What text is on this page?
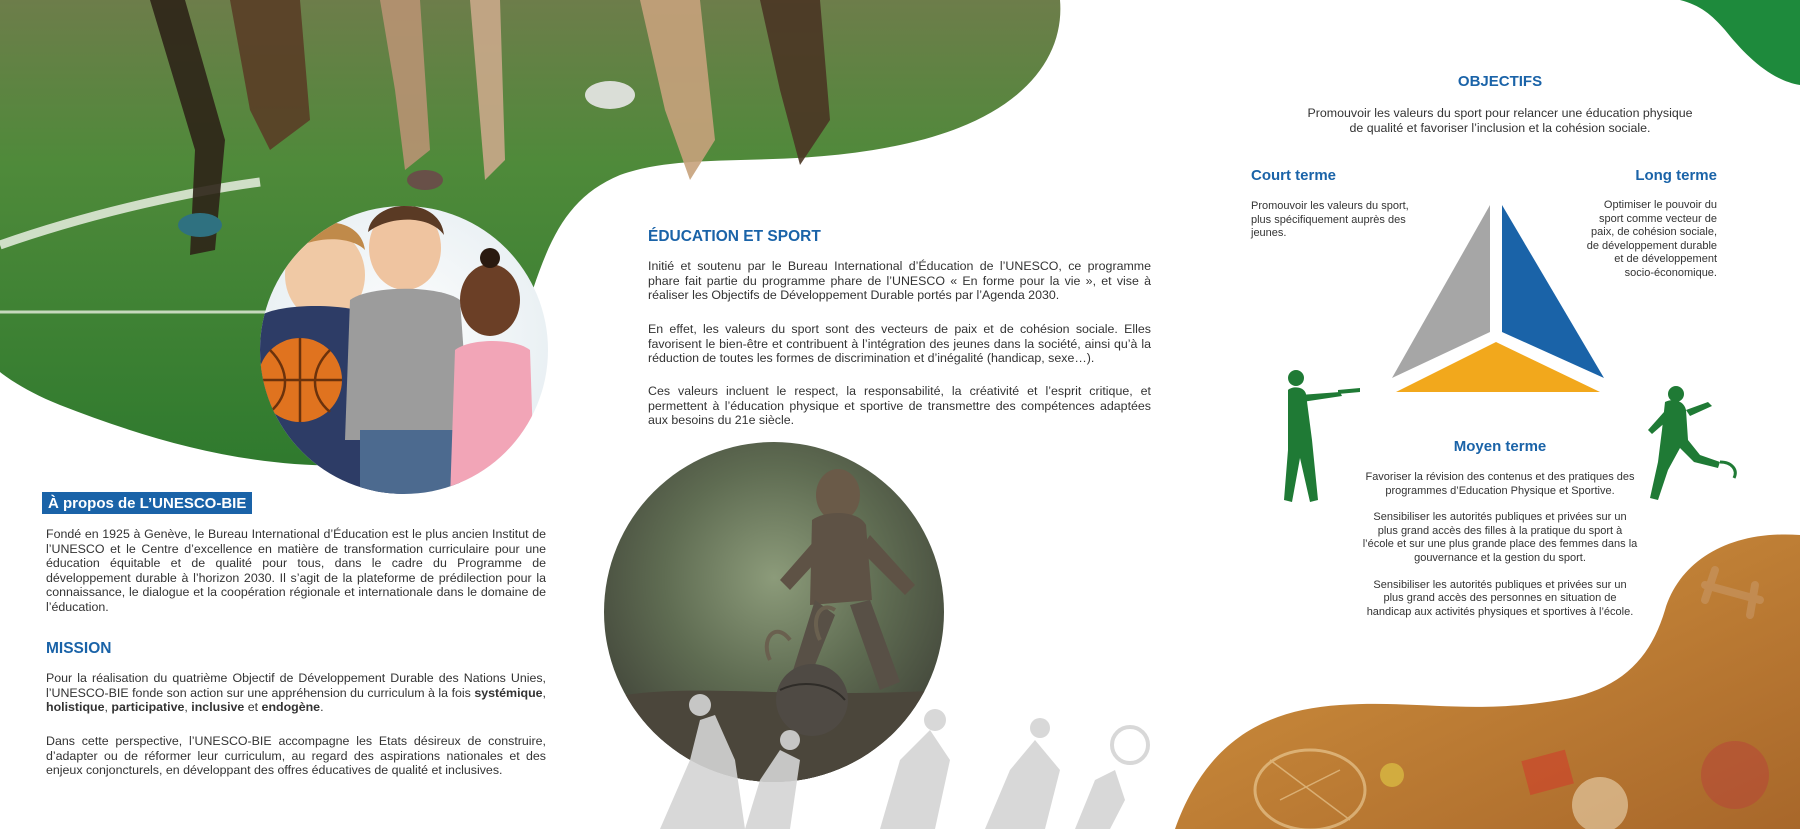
À propos de L’UNESCO-BIE

Fondé en 1925 à Genève, le Bureau International d’Éducation est le plus ancien Institut de l’UNESCO et le Centre d’excellence en matière de transformation curriculaire pour une éducation équitable et de qualité pour tous, dans le cadre du Programme de développement durable à l’horizon 2030. Il s’agit de la plateforme de prédilection pour la connaissance, le dialogue et la coopération régionale et internationale dans le domaine de l’éducation.

MISSION

Pour la réalisation du quatrième Objectif de Développement Durable des Nations Unies, l’UNESCO-BIE fonde son action sur une appréhension du curriculum à la fois systémique, holistique, participative, inclusive et endogène.

Dans cette perspective, l’UNESCO-BIE accompagne les Etats désireux de construire, d’adapter ou de réformer leur curriculum, au regard des aspirations nationales et des enjeux conjoncturels, en développant des offres éducatives de qualité et inclusives.

ÉDUCATION ET SPORT

Initié et soutenu par le Bureau International d’Éducation de l’UNESCO, ce programme phare fait partie du programme phare de l’UNESCO « En forme pour la vie », et vise à réaliser les Objectifs de Développement Durable portés par l’Agenda 2030.

En effet, les valeurs du sport sont des vecteurs de paix et de cohésion sociale. Elles favorisent le bien-être et contribuent à l’intégration des jeunes dans la société, ainsi qu’à la réduction de toutes les formes de discrimination et d’inégalité (handicap, sexe…).

Ces valeurs incluent le respect, la responsabilité, la créativité et l’esprit critique, et permettent à l’éducation physique et sportive de transmettre des compétences adaptées aux besoins du 21e siècle.

OBJECTIFS
Promouvoir les valeurs du sport pour relancer une éducation physique
de qualité et favoriser l’inclusion et la cohésion sociale.
Court terme
Promouvoir les valeurs du sport,
plus spécifiquement auprès des
jeunes.
Long terme
Optimiser le pouvoir du
sport comme vecteur de
paix, de cohésion sociale,
de développement durable
et de développement
socio-économique.
Moyen terme

Favoriser la révision des contenus et des pratiques des programmes d’Education Physique et Sportive.

Sensibiliser les autorités publiques et privées sur un plus grand accès des filles à la pratique du sport à l’école et sur une plus grande place des femmes dans la gouvernance et la gestion du sport.

Sensibiliser les autorités publiques et privées sur un plus grand accès des personnes en situation de handicap aux activités physiques et sportives à l’école.
